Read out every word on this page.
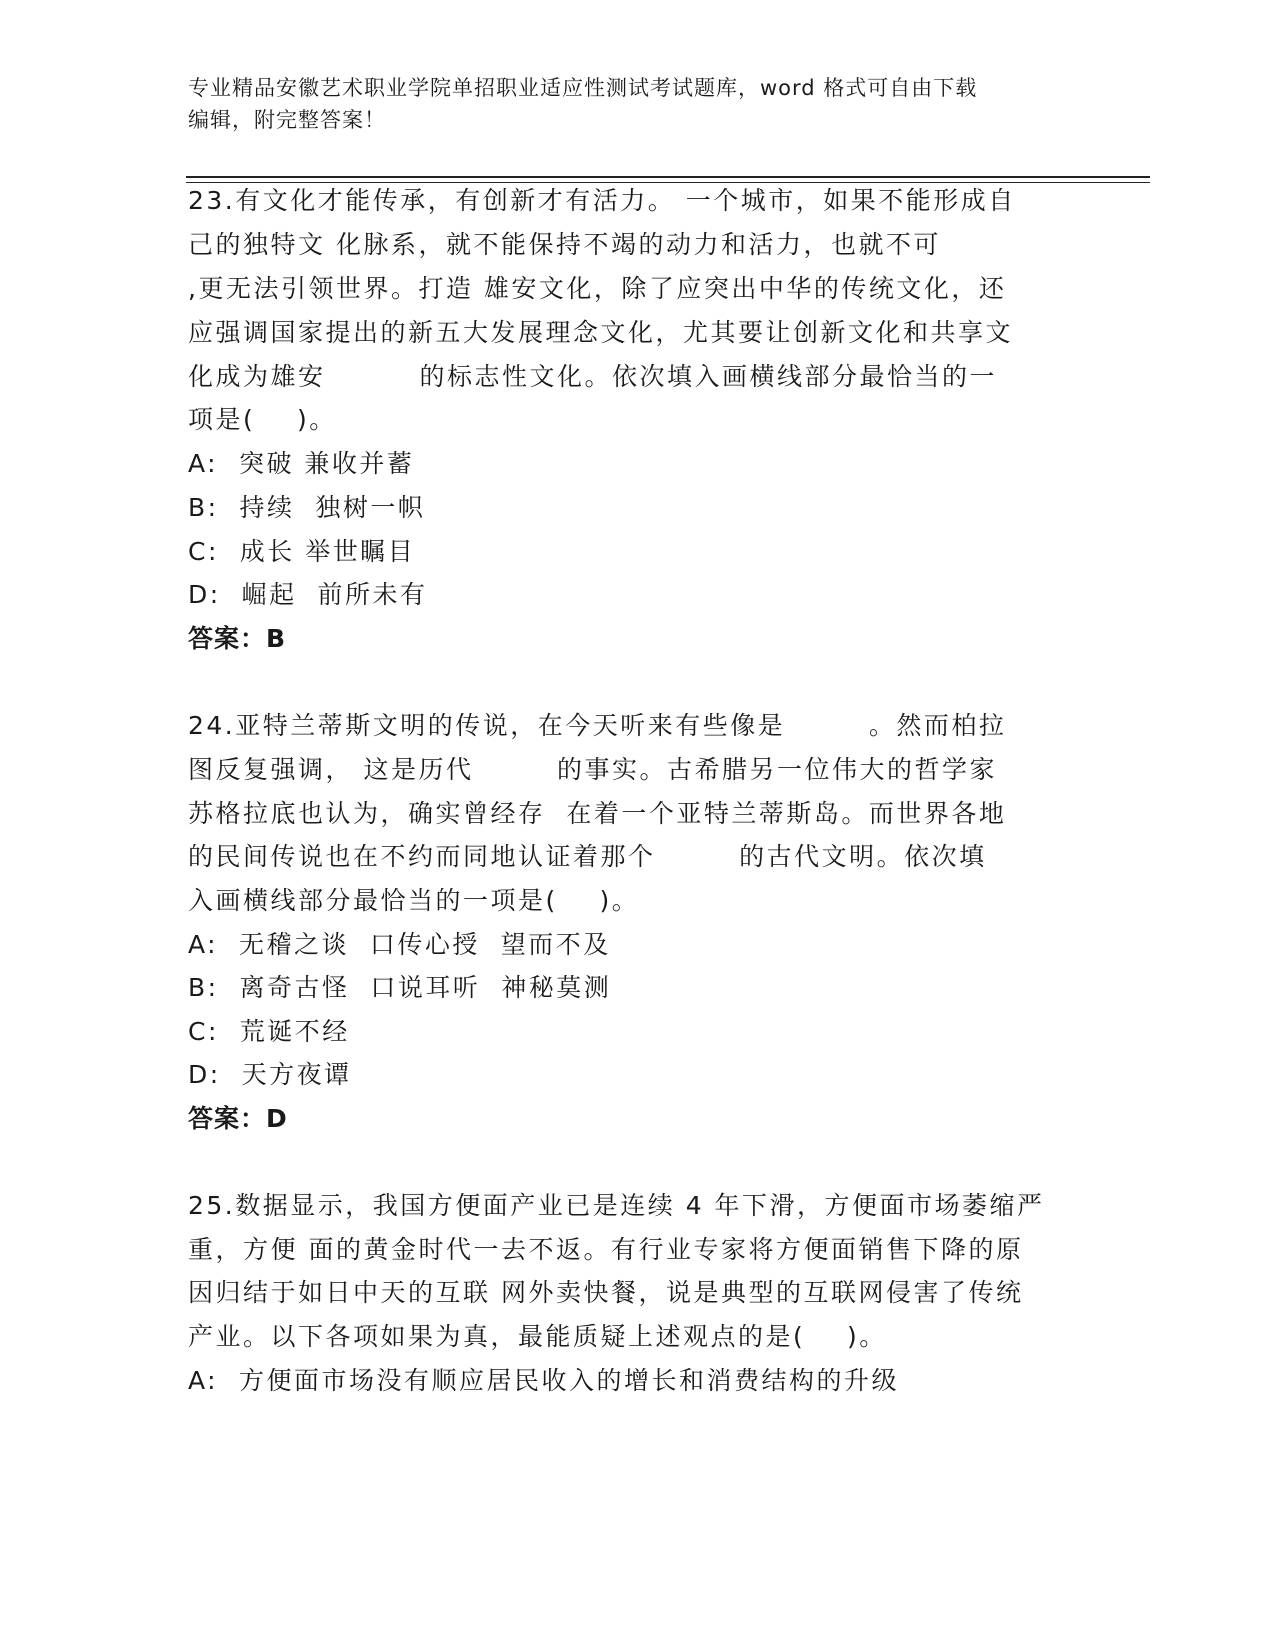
专业精品安徽艺术职业学院单招职业适应性测试考试题库，word 格式可自由下载
编辑，附完整答案！
23.有文化才能传承，有创新才有活力。 一个城市，如果不能形成自
己的独特文 化脉系，就不能保持不竭的动力和活力，也就不可
,更无法引领世界。打造 雄安文化，除了应突出中华的传统文化，还
应强调国家提出的新五大发展理念文化，尤其要让创新文化和共享文
化成为雄安         的标志性文化。依次填入画横线部分最恰当的一
项是(    )。
A:  突破 兼收并蓄
B:  持续  独树一帜
C:  成长 举世瞩目
D:  崛起  前所未有
答案：B
24.亚特兰蒂斯文明的传说，在今天听来有些像是        。然而柏拉
图反复强调， 这是历代        的事实。古希腊另一位伟大的哲学家
苏格拉底也认为，确实曾经存  在着一个亚特兰蒂斯岛。而世界各地
的民间传说也在不约而同地认证着那个        的古代文明。依次填
入画横线部分最恰当的一项是(    )。
A:  无稽之谈  口传心授  望而不及
B:  离奇古怪  口说耳听  神秘莫测
C:  荒诞不经
D:  天方夜谭
答案：D
25.数据显示，我国方便面产业已是连续 4 年下滑，方便面市场萎缩严
重，方便 面的黄金时代一去不返。有行业专家将方便面销售下降的原
因归结于如日中天的互联 网外卖快餐，说是典型的互联网侵害了传统
产业。以下各项如果为真，最能质疑上述观点的是(    )。
A:  方便面市场没有顺应居民收入的增长和消费结构的升级
